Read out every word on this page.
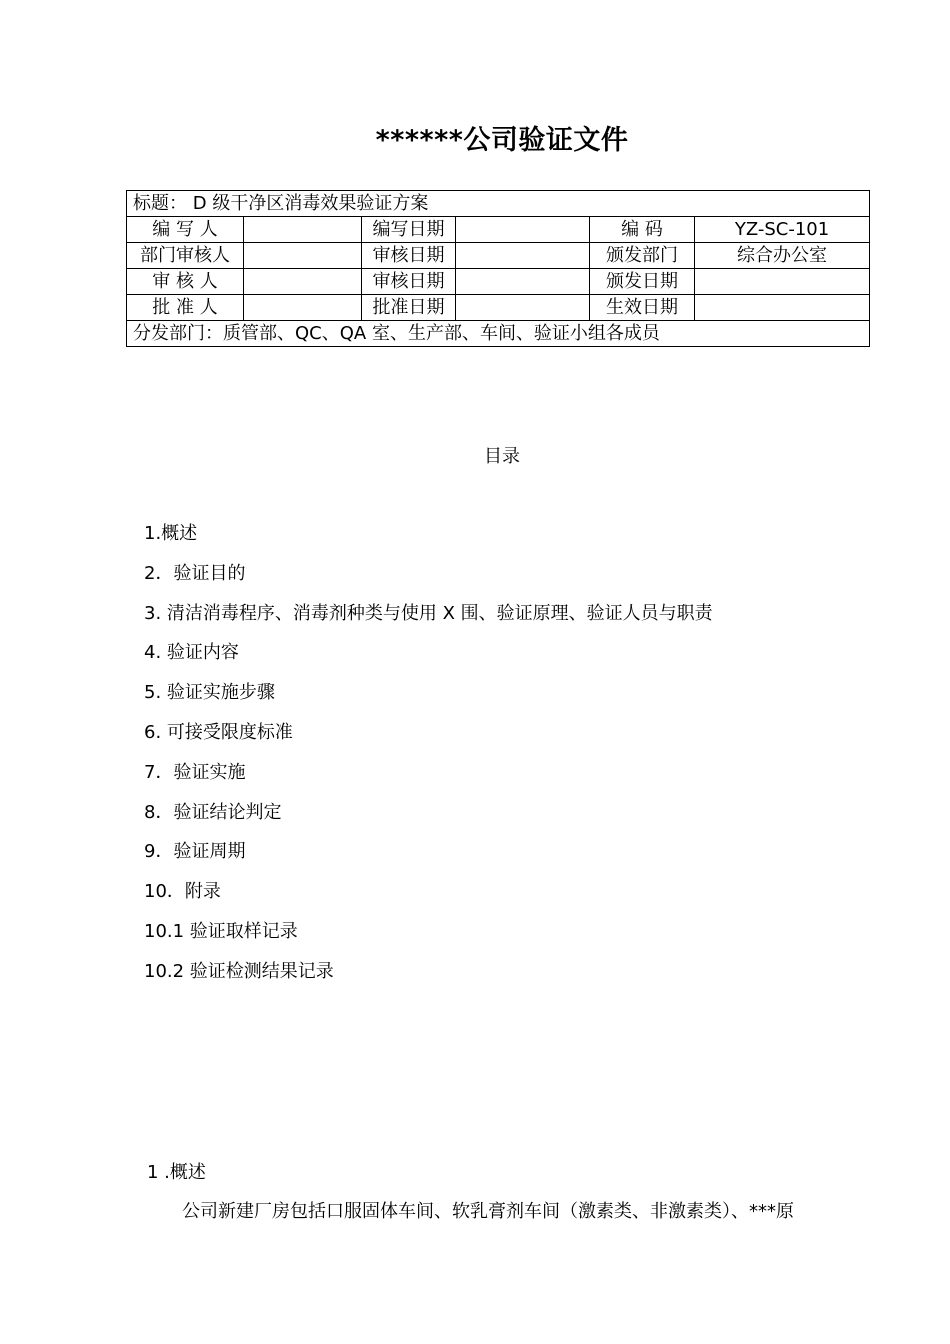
******公司验证文件
标题： D 级干净区消毒效果验证方案					
编 写 人		编写日期		编 码	YZ-SC-101
部门审核人		审核日期		颁发部门	综合办公室
审 核 人		审核日期		颁发日期	
批 准 人		批准日期		生效日期	
分发部门：质管部、QC、QA 室、生产部、车间、验证小组各成员					
目录
1.概述
2．验证目的
3. 清洁消毒程序、消毒剂种类与使用 X 围、验证原理、验证人员与职责
4. 验证内容
5. 验证实施步骤
6. 可接受限度标准
7．验证实施
8．验证结论判定
9．验证周期
10．附录
10.1 验证取样记录
10.2 验证检测结果记录
1 .概述
公司新建厂房包括口服固体车间、软乳膏剂车间（激素类、非激素类）、***原
